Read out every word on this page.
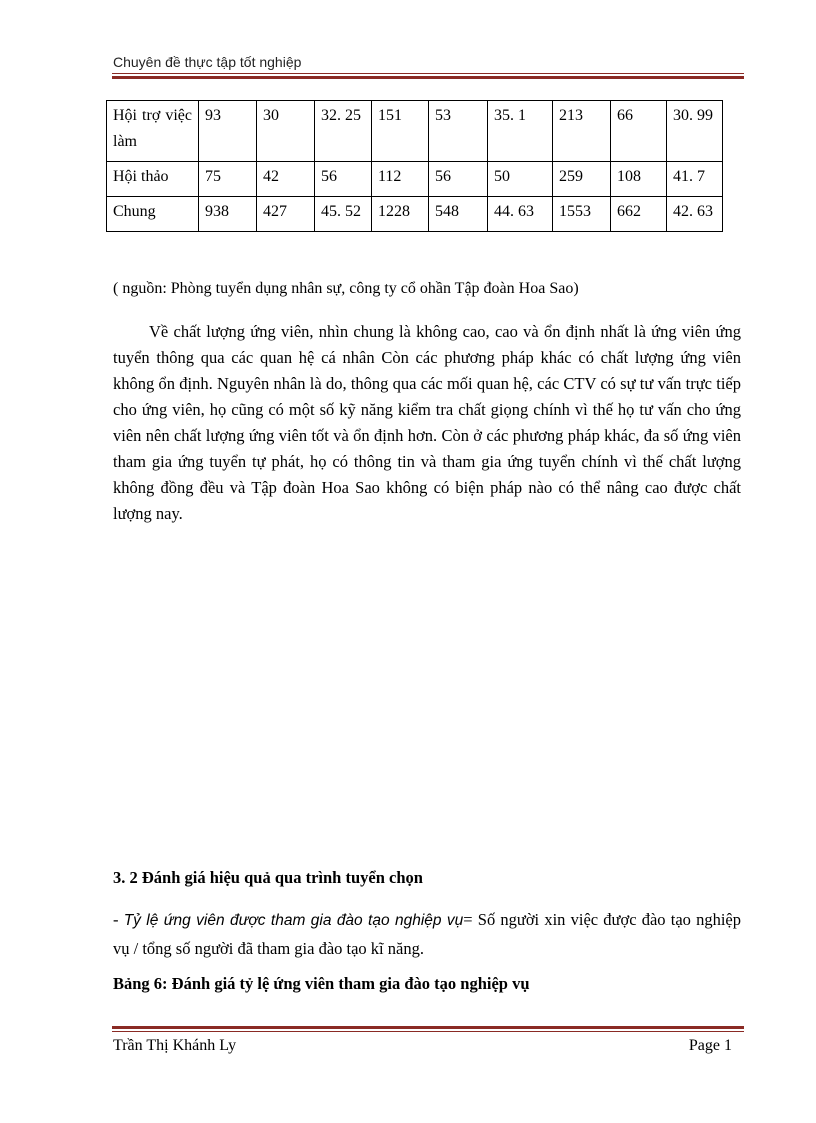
Chuyên đề thực tập tốt nghiệp
Hội trợ việc làm	93	30	32. 25	151	53	35. 1	213	66	30. 99
Hội thảo	75	42	56	112	56	50	259	108	41. 7
Chung	938	427	45. 52	1228	548	44. 63	1553	662	42. 63
( nguồn: Phòng tuyển dụng nhân sự, công ty cổ ohần Tập đoàn Hoa Sao)

Về chất lượng ứng viên, nhìn chung là không cao, cao và ổn định nhất là ứng viên ứng tuyển thông qua các quan hệ cá nhân Còn các phương pháp khác có chất lượng ứng viên không ổn định. Nguyên nhân là do, thông qua các mối quan hệ, các CTV có sự tư vấn trực tiếp cho ứng viên, họ cũng có một số kỹ năng kiểm tra chất giọng chính vì thế họ tư vấn cho ứng viên nên chất lượng ứng viên tốt và ổn định hơn. Còn ở các phương pháp khác, đa số ứng viên tham gia ứng tuyển tự phát, họ có thông tin và tham gia ứng tuyển chính vì thế chất lượng không đồng đều và Tập đoàn Hoa Sao không có biện pháp nào có thể nâng cao được chất lượng nay.

3. 2 Đánh giá hiệu quả qua trình tuyển chọn

- Tỷ lệ ứng viên được tham gia đào tạo nghiệp vụ= Số người xin việc được đào tạo nghiệp vụ / tổng số người đã tham gia đào tạo kĩ năng.

Bảng 6: Đánh giá tỷ lệ ứng viên tham gia đào tạo nghiệp vụ
Trần Thị Khánh Ly	Page 1
